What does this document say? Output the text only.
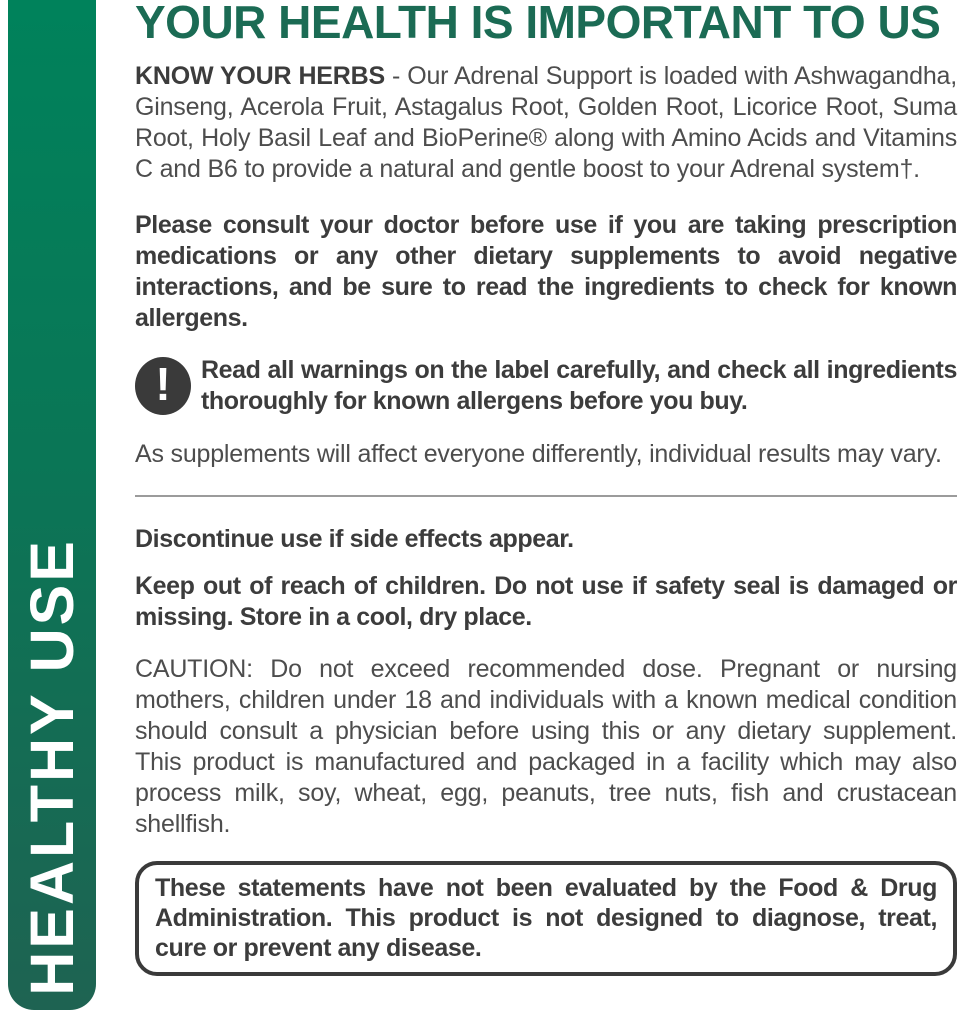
HEALTHY USE
YOUR HEALTH IS IMPORTANT TO US

KNOW YOUR HERBS - Our Adrenal Support is loaded with Ashwagandha, Ginseng, Acerola Fruit, Astagalus Root, Golden Root, Licorice Root, Suma Root, Holy Basil Leaf and BioPerine® along with Amino Acids and Vitamins C and B6 to provide a natural and gentle boost to your Adrenal system†.

Please consult your doctor before use if you are taking prescription medications or any other dietary supplements to avoid negative interactions, and be sure to read the ingredients to check for known allergens.

!	Read all warnings on the label carefully, and check all ingredients thoroughly for known allergens before you buy.

As supplements will affect everyone differently, individual results may vary.

Discontinue use if side effects appear.

Keep out of reach of children. Do not use if safety seal is damaged or missing. Store in a cool, dry place.

CAUTION: Do not exceed recommended dose. Pregnant or nursing mothers, children under 18 and individuals with a known medical condition should consult a physician before using this or any dietary supplement. This product is manufactured and packaged in a facility which may also process milk, soy, wheat, egg, peanuts, tree nuts, fish and crustacean shellfish.

These statements have not been evaluated by the Food & Drug Administration. This product is not designed to diagnose, treat, cure or prevent any disease.
